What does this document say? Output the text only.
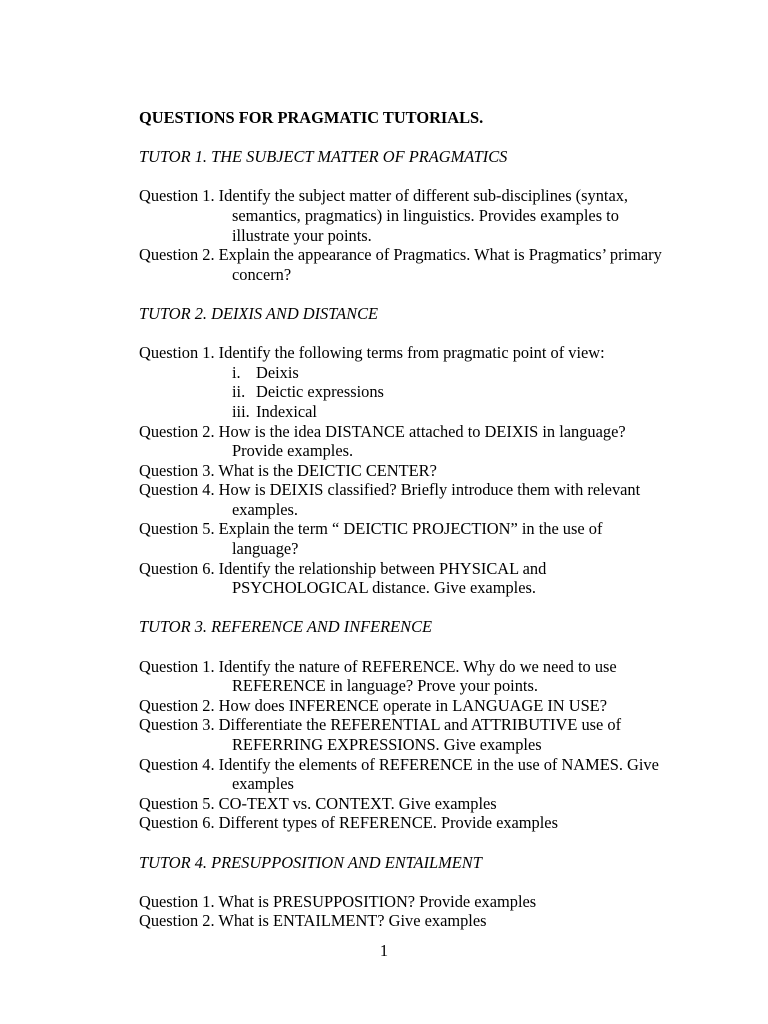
QUESTIONS FOR PRAGMATIC TUTORIALS.

TUTOR 1. THE SUBJECT MATTER OF PRAGMATICS

Question 1. Identify the subject matter of different sub-disciplines (syntax,

semantics, pragmatics) in linguistics. Provides examples to

illustrate your points.

Question 2. Explain the appearance of Pragmatics. What is Pragmatics’ primary

concern?

TUTOR 2. DEIXIS AND DISTANCE

Question 1. Identify the following terms from pragmatic point of view:

i. Deixis

ii. Deictic expressions

iii. Indexical

Question 2. How is the idea DISTANCE attached to DEIXIS in language?

Provide examples.

Question 3. What is the DEICTIC CENTER?

Question 4. How is DEIXIS classified? Briefly introduce them with relevant

examples.

Question 5. Explain the term “ DEICTIC PROJECTION” in the use of

language?

Question 6. Identify the relationship between PHYSICAL and

PSYCHOLOGICAL distance. Give examples.

TUTOR 3. REFERENCE AND INFERENCE

Question 1. Identify the nature of REFERENCE. Why do we need to use

REFERENCE in language? Prove your points.

Question 2. How does INFERENCE operate in LANGUAGE IN USE?

Question 3. Differentiate the REFERENTIAL and ATTRIBUTIVE use of

REFERRING EXPRESSIONS. Give examples

Question 4. Identify the elements of REFERENCE in the use of NAMES. Give

examples

Question 5. CO-TEXT vs. CONTEXT. Give examples

Question 6. Different types of REFERENCE. Provide examples

TUTOR 4. PRESUPPOSITION AND ENTAILMENT

Question 1. What is PRESUPPOSITION? Provide examples

Question 2. What is ENTAILMENT? Give examples

1
